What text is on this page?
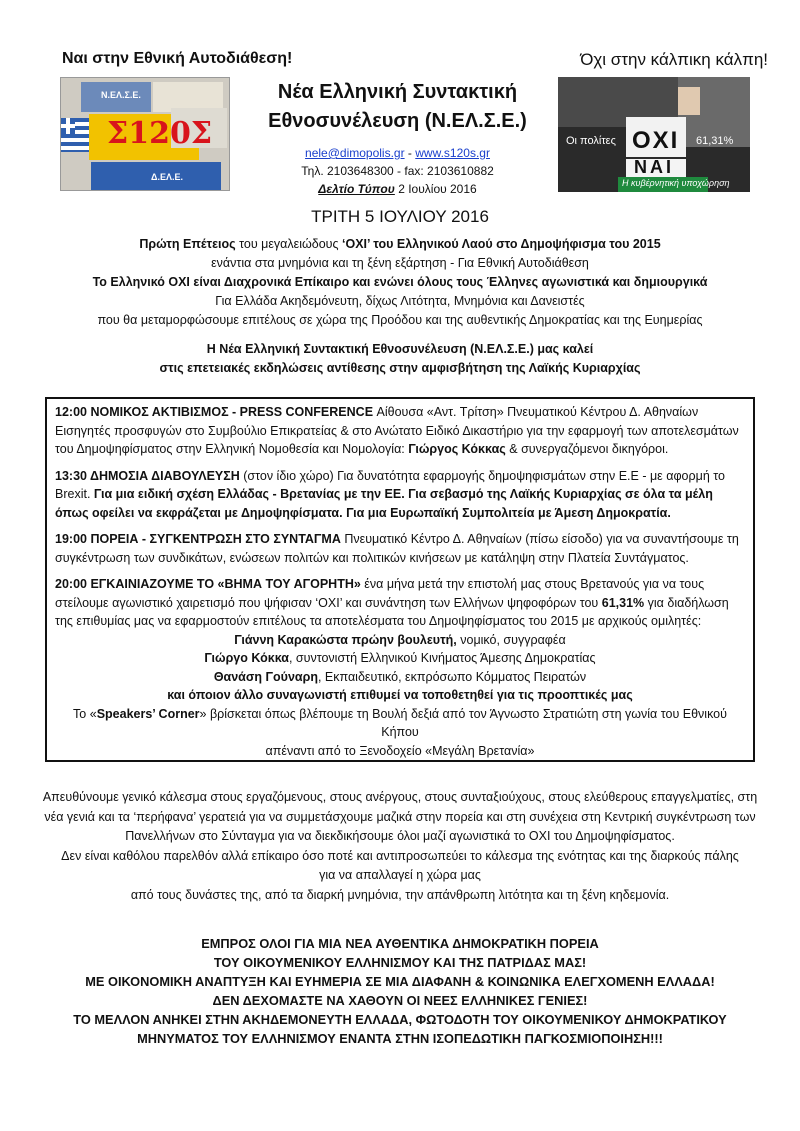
Ναι στην Εθνική Αυτοδιάθεση!	Όχι στην κάλπικη κάλπη!
Ν.ΕΛ.Σ.Ε.
Σ120Σ
Δ.ΕΛ.Ε.
Νέα Ελληνική Συντακτική
Εθνοσυνέλευση (Ν.ΕΛ.Σ.Ε.)
nele@dimopolis.gr - www.s120s.gr
Τηλ. 2103648300 - fax: 2103610882
Δελτίο Τύπου 2 Ιουλίου 2016
Οι πολίτες	61,31%
ΟΧΙ
ΝΑΙ
Η κυβέρνητική υποχώρηση
ΤΡΙΤΗ 5 ΙΟΥΛΙΟΥ 2016
Πρώτη Επέτειος του μεγαλειώδους ‘ΟΧΙ’ του Ελληνικού Λαού στο Δημοψήφισμα του 2015
ενάντια στα μνημόνια και τη ξένη εξάρτηση - Για Εθνική Αυτοδιάθεση
Το Ελληνικό ΟΧΙ είναι Διαχρονικά Επίκαιρο και ενώνει όλους τους Έλληνες αγωνιστικά και δημιουργικά
Για Ελλάδα Ακηδεμόνευτη, δίχως Λιτότητα, Μνημόνια και Δανειστές
που θα μεταμορφώσουμε επιτέλους σε χώρα της Προόδου και της αυθεντικής Δημοκρατίας και της Ευημερίας
Η Νέα Ελληνική Συντακτική Εθνοσυνέλευση (Ν.ΕΛ.Σ.Ε.) μας καλεί
στις επετειακές εκδηλώσεις αντίθεσης στην αμφισβήτηση της Λαϊκής Κυριαρχίας

12:00 ΝΟΜΙΚΟΣ ΑΚΤΙΒΙΣΜΟΣ - PRESS CONFERENCE Αίθουσα «Αντ. Τρίτση» Πνευματικού Κέντρου Δ. Αθηναίων Εισηγητές προσφυγών στο Συμβούλιο Επικρατείας & στο Ανώτατο Ειδικό Δικαστήριο για την εφαρμογή των αποτελεσμάτων του Δημοψηφίσματος στην Ελληνική Νομοθεσία και Νομολογία: Γιώργος Κόκκας & συνεργαζόμενοι δικηγόροι.

13:30 ΔΗΜΟΣΙΑ ΔΙΑΒΟΥΛΕΥΣΗ (στον ίδιο χώρο) Για δυνατότητα εφαρμογής δημοψηφισμάτων στην Ε.Ε - με αφορμή το Brexit. Για μια ειδική σχέση Ελλάδας - Βρετανίας με την ΕΕ. Για σεβασμό της Λαϊκής Κυριαρχίας σε όλα τα μέλη όπως οφείλει να εκφράζεται με Δημοψηφίσματα. Για μια Ευρωπαϊκή Συμπολιτεία με Άμεση Δημοκρατία.

19:00 ΠΟΡΕΙΑ - ΣΥΓΚΕΝΤΡΩΣΗ ΣΤΟ ΣΥΝΤΑΓΜΑ Πνευματικό Κέντρο Δ. Αθηναίων (πίσω είσοδο) για να συναντήσουμε τη συγκέντρωση των συνδικάτων, ενώσεων πολιτών και πολιτικών κινήσεων με κατάληψη στην Πλατεία Συντάγματος.

20:00 ΕΓΚΑΙΝΙΑΖΟΥΜΕ ΤΟ «ΒΗΜΑ ΤΟΥ ΑΓΟΡΗΤΗ» ένα μήνα μετά την επιστολή μας στους Βρετανούς για να τους στείλουμε αγωνιστικό χαιρετισμό που ψήφισαν ‘ΟΧΙ’ και συνάντηση των Ελλήνων ψηφοφόρων του 61,31% για διαδήλωση της επιθυμίας μας να εφαρμοστούν επιτέλους τα αποτελέσματα του Δημοψηφίσματος του 2015 με αρχικούς ομιλητές:

Γιάννη Καρακώστα πρώην βουλευτή, νομικό, συγγραφέα

Γιώργο Κόκκα, συντονιστή Ελληνικού Κινήματος Άμεσης Δημοκρατίας

Θανάση Γούναρη, Εκπαιδευτικό, εκπρόσωπο Κόμματος Πειρατών

και όποιον άλλο συναγωνιστή επιθυμεί να τοποθετηθεί για τις προοπτικές μας

Το «Speakers’ Corner» βρίσκεται όπως βλέπουμε τη Βουλή δεξιά από τον Άγνωστο Στρατιώτη στη γωνία του Εθνικού Κήπου

απέναντι από το Ξενοδοχείο «Μεγάλη Βρετανία»

Απευθύνουμε γενικό κάλεσμα στους εργαζόμενους, στους ανέργους, στους συνταξιούχους, στους ελεύθερους επαγγελματίες, στη νέα γενιά και τα ‘περήφανα’ γερατειά για να συμμετάσχουμε μαζικά στην πορεία και στη συνέχεια στη Κεντρική συγκέντρωση των Πανελλήνων στο Σύνταγμα για να διεκδικήσουμε όλοι μαζί αγωνιστικά το ΟΧΙ του Δημοψηφίσματος.
Δεν είναι καθόλου παρελθόν αλλά επίκαιρο όσο ποτέ και αντιπροσωπεύει το κάλεσμα της ενότητας και της διαρκούς πάλης
για να απαλλαγεί η χώρα μας
από τους δυνάστες της, από τα διαρκή μνημόνια, την απάνθρωπη λιτότητα και τη ξένη κηδεμονία.
ΕΜΠΡΟΣ ΟΛΟΙ ΓΙΑ ΜΙΑ ΝΕΑ ΑΥΘΕΝΤΙΚΑ ΔΗΜΟΚΡΑΤΙΚΗ ΠΟΡΕΙΑ
ΤΟΥ ΟΙΚΟΥΜΕΝΙΚΟΥ ΕΛΛΗΝΙΣΜΟΥ ΚΑΙ ΤΗΣ ΠΑΤΡΙΔΑΣ ΜΑΣ!
ΜΕ ΟΙΚΟΝΟΜΙΚΗ ΑΝΑΠΤΥΞΗ ΚΑΙ ΕΥΗΜΕΡΙΑ ΣΕ ΜΙΑ ΔΙΑΦΑΝΗ & ΚΟΙΝΩΝΙΚΑ ΕΛΕΓΧΟΜΕΝΗ ΕΛΛΑΔΑ!
ΔΕΝ ΔΕΧΟΜΑΣΤΕ ΝΑ ΧΑΘΟΥΝ ΟΙ ΝΕΕΣ ΕΛΛΗΝΙΚΕΣ ΓΕΝΙΕΣ!
ΤΟ ΜΕΛΛΟΝ ΑΝΗΚΕΙ ΣΤΗΝ ΑΚΗΔΕΜΟΝΕΥΤΗ ΕΛΛΑΔΑ, ΦΩΤΟΔΟΤΗ ΤΟΥ ΟΙΚΟΥΜΕΝΙΚΟΥ ΔΗΜΟΚΡΑΤΙΚΟΥ
ΜΗΝΥΜΑΤΟΣ ΤΟΥ ΕΛΛΗΝΙΣΜΟΥ ΕΝΑΝΤΑ ΣΤΗΝ ΙΣΟΠΕΔΩΤΙΚΗ ΠΑΓΚΟΣΜΙΟΠΟΙΗΣΗ!!!
